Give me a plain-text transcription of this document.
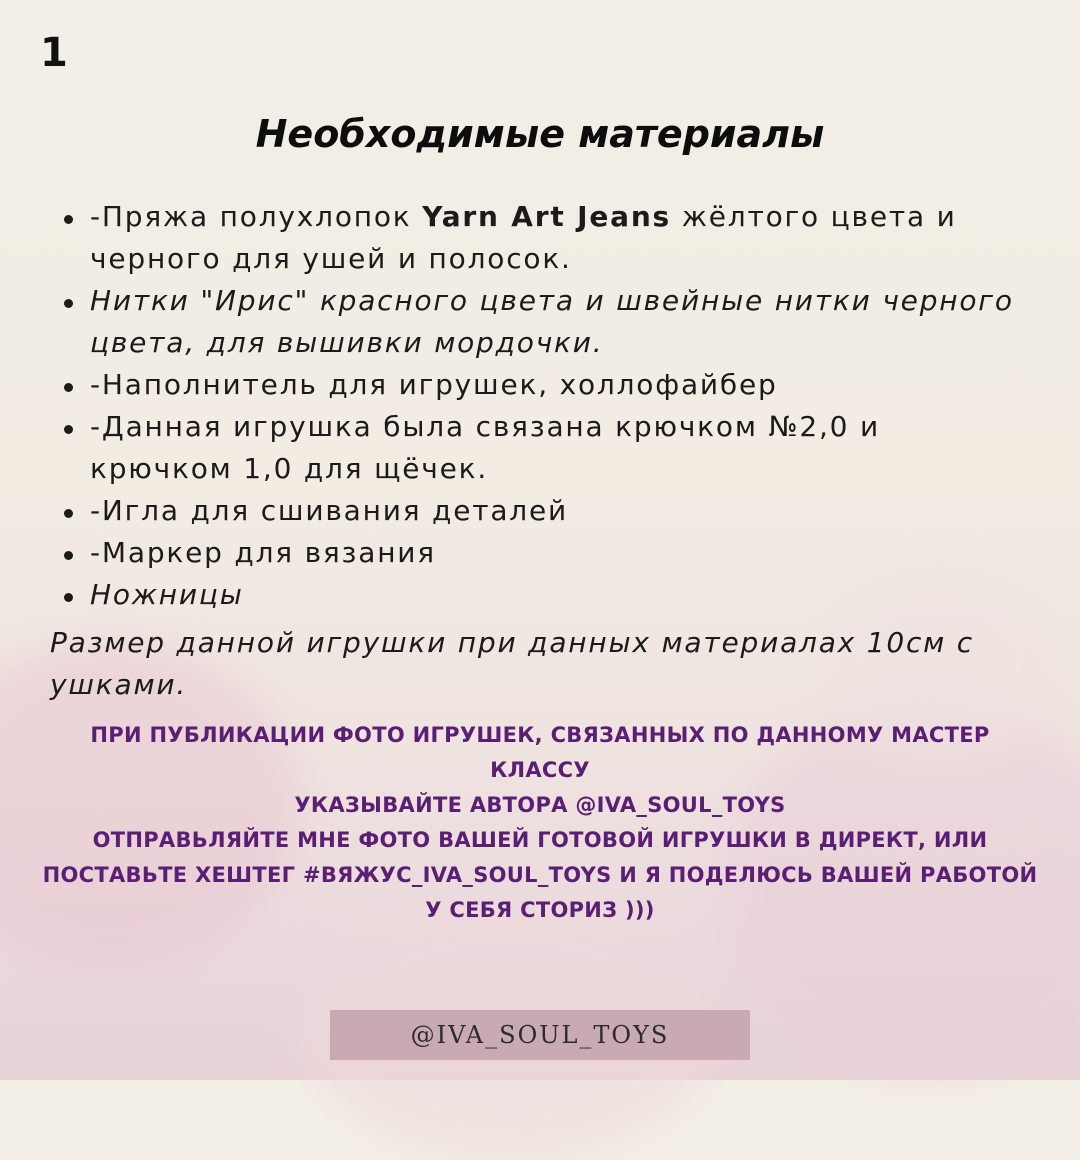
1
Необходимые материалы
-Пряжа полухлопок Yarn Art Jeans жёлтого цвета и черного для ушей и полосок.
Нитки "Ирис" красного цвета и швейные нитки черного цвета, для вышивки мордочки.
-Наполнитель для игрушек, холлофайбер
-Данная игрушка была связана крючком №2,0 и крючком 1,0 для щёчек.
-Игла для сшивания деталей
-Маркер для вязания
Ножницы
Размер данной игрушки при данных материалах 10см с ушками.
ПРИ ПУБЛИКАЦИИ ФОТО ИГРУШЕК, СВЯЗАННЫХ ПО ДАННОМУ МАСТЕР КЛАССУ
УКАЗЫВАЙТЕ АВТОРА @IVA_SOUL_TOYS
ОТПРАВЬЛЯЙТЕ МНЕ ФОТО ВАШЕЙ ГОТОВОЙ ИГРУШКИ В ДИРЕКТ, ИЛИ
ПОСТАВЬТЕ ХЕШТЕГ #ВЯЖУС_IVA_SOUL_TOYS И Я ПОДЕЛЮСЬ ВАШЕЙ РАБОТОЙ
У СЕБЯ СТОРИЗ )))
@IVA_SOUL_TOYS
